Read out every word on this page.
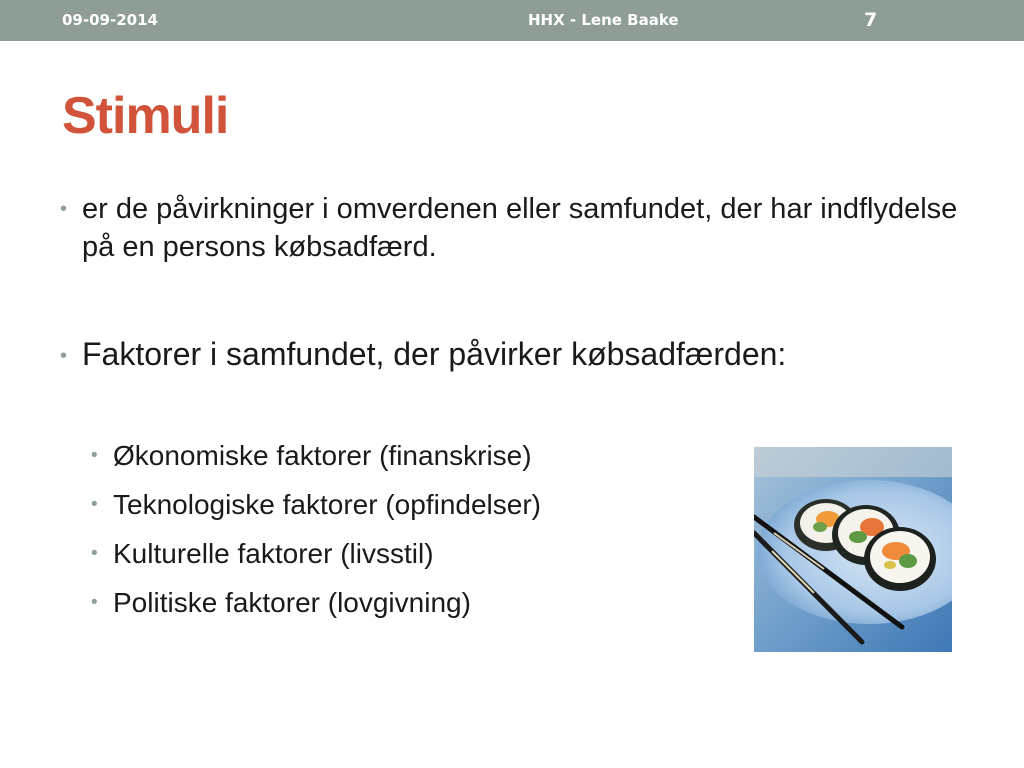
09-09-2014	HHX - Lene Baake	7
Stimuli
• er de påvirkninger i omverdenen eller samfundet, der har indflydelse på en persons købsadfærd.
• Faktorer i samfundet, der påvirker købsadfærden:
• Økonomiske faktorer (finanskrise)
• Teknologiske faktorer (opfindelser)
• Kulturelle faktorer (livsstil)
• Politiske faktorer (lovgivning)
